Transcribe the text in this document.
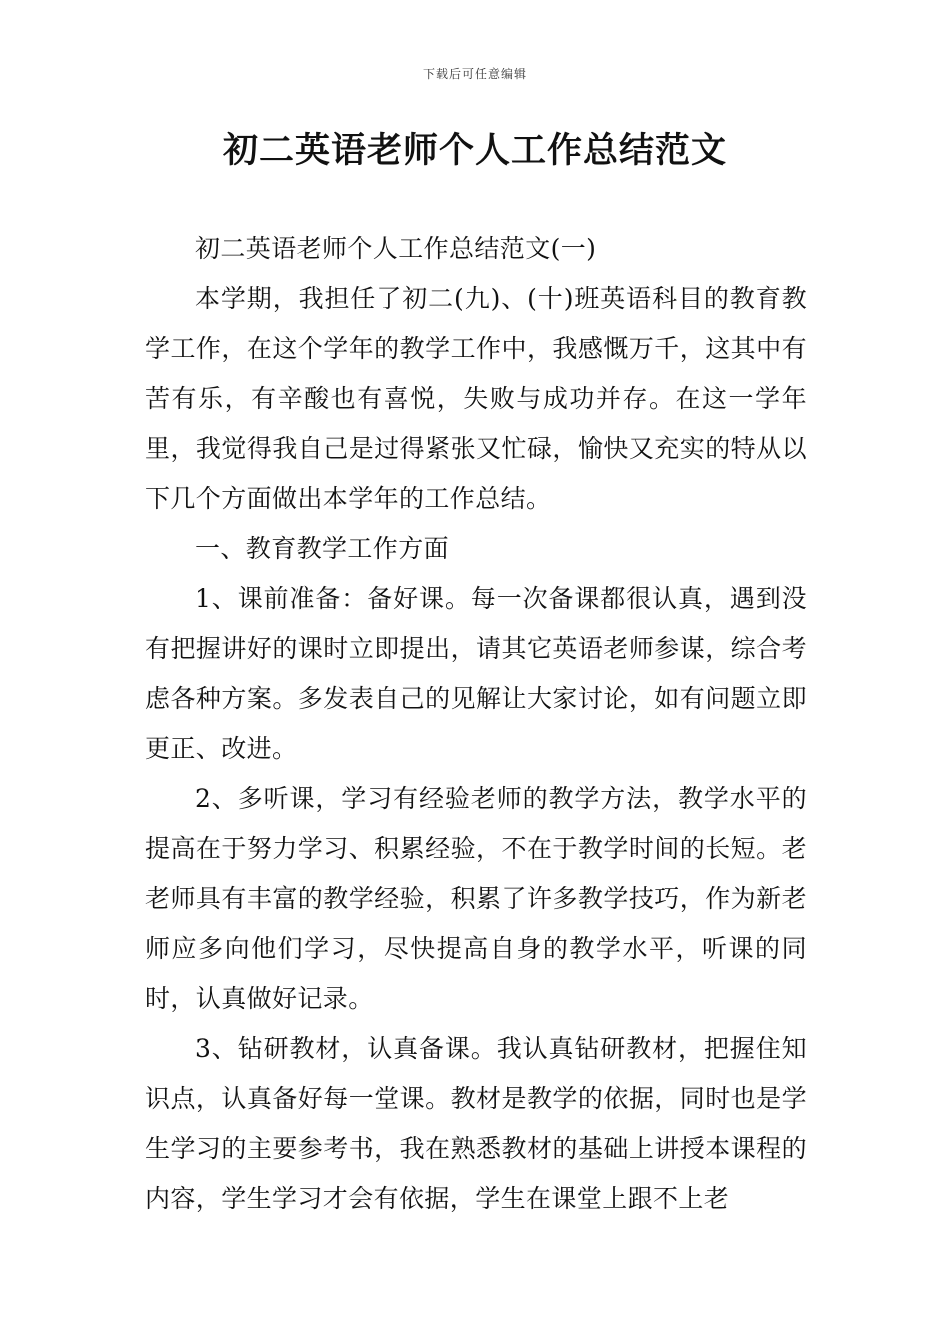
下载后可任意编辑
初二英语老师个人工作总结范文

初二英语老师个人工作总结范文(一)

本学期，我担任了初二(九)、(十)班英语科目的教育教学工作，在这个学年的教学工作中，我感慨万千，这其中有苦有乐，有辛酸也有喜悦，失败与成功并存。在这一学年里，我觉得我自己是过得紧张又忙碌，愉快又充实的特从以下几个方面做出本学年的工作总结。

一、教育教学工作方面

1、课前准备：备好课。每一次备课都很认真，遇到没有把握讲好的课时立即提出，请其它英语老师参谋，综合考虑各种方案。多发表自己的见解让大家讨论，如有问题立即更正、改进。

2、多听课，学习有经验老师的教学方法，教学水平的提高在于努力学习、积累经验，不在于教学时间的长短。老老师具有丰富的教学经验，积累了许多教学技巧，作为新老师应多向他们学习，尽快提高自身的教学水平，听课的同时，认真做好记录。

3、钻研教材，认真备课。我认真钻研教材，把握住知识点，认真备好每一堂课。教材是教学的依据，同时也是学生学习的主要参考书，我在熟悉教材的基础上讲授本课程的内容，学生学习才会有依据，学生在课堂上跟不上老
